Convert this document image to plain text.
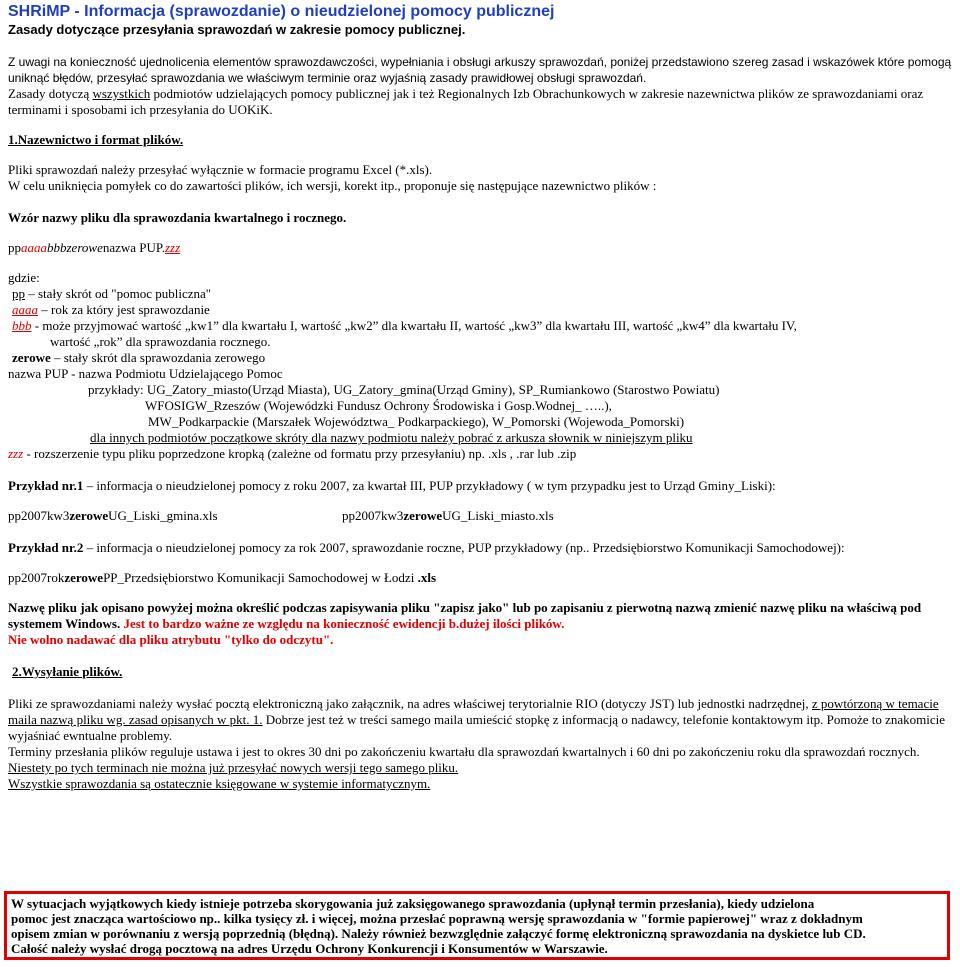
SHRiMP - Informacja (sprawozdanie) o nieudzielonej pomocy publicznej

Zasady dotyczące przesyłania sprawozdań w zakresie pomocy publicznej.

Z uwagi na konieczność ujednolicenia elementów sprawozdawczości, wypełniania i obsługi arkuszy sprawozdań, poniżej przedstawiono szereg zasad i wskazówek które pomogą uniknąć błędów, przesyłać sprawozdania we właściwym terminie oraz wyjaśnią zasady prawidłowej obsługi sprawozdań.

Zasady dotyczą wszystkich podmiotów udzielających pomocy publicznej jak i też Regionalnych Izb Obrachunkowych w zakresie nazewnictwa plików ze sprawozdaniami oraz terminami i sposobami ich przesyłania do UOKiK.

1.Nazewnictwo i format plików.

Pliki sprawozdań należy przesyłać wyłącznie w formacie programu Excel (*.xls).

W celu uniknięcia pomyłek co do zawartości plików, ich wersji, korekt itp., proponuje się następujące nazewnictwo plików :

Wzór nazwy pliku dla sprawozdania kwartalnego i rocznego.

ppaaaabbbzerowenazwa PUP.zzz

gdzie:

pp – stały skrót od "pomoc publiczna"

aaaa – rok za który jest sprawozdanie

bbb - może przyjmować wartość „kw1” dla kwartału I, wartość „kw2” dla kwartału II, wartość „kw3” dla kwartału III, wartość „kw4” dla kwartału IV,

wartość „rok” dla sprawozdania rocznego.

zerowe – stały skrót dla sprawozdania zerowego

nazwa PUP - nazwa Podmiotu Udzielającego Pomoc

przykłady: UG_Zatory_miasto(Urząd Miasta), UG_Zatory_gmina(Urząd Gminy), SP_Rumiankowo (Starostwo Powiatu)

WFOSIGW_Rzeszów (Wojewódzki Fundusz Ochrony Środowiska i Gosp.Wodnej_ …..),

MW_Podkarpackie (Marszałek Województwa_ Podkarpackiego), W_Pomorski (Wojewoda_Pomorski)

dla innych podmiotów początkowe skróty dla nazwy podmiotu należy pobrać z arkusza słownik w niniejszym pliku

zzz - rozszerzenie typu pliku poprzedzone kropką (zależne od formatu przy przesyłaniu) np. .xls , .rar lub .zip

Przykład nr.1 – informacja o nieudzielonej pomocy z roku 2007, za kwartał III, PUP przykładowy ( w tym przypadku jest to Urząd Gminy_Liski):

pp2007kw3zeroweUG_Liski_gmina.xls	pp2007kw3zeroweUG_Liski_miasto.xls

Przykład nr.2 – informacja o nieudzielonej pomocy za rok 2007, sprawozdanie roczne, PUP przykładowy (np.. Przedsiębiorstwo Komunikacji Samochodowej):

pp2007rokzerowePP_Przedsiębiorstwo Komunikacji Samochodowej w Łodzi .xls

Nazwę pliku jak opisano powyżej można określić podczas zapisywania pliku "zapisz jako" lub po zapisaniu z pierwotną nazwą zmienić nazwę pliku na właściwą pod systemem Windows. Jest to bardzo ważne ze względu na konieczność ewidencji b.dużej ilości plików.

Nie wolno nadawać dla pliku atrybutu "tylko do odczytu".

2.Wysyłanie plików.

Pliki ze sprawozdaniami należy wysłać pocztą elektroniczną jako załącznik, na adres właściwej terytorialnie RIO (dotyczy JST) lub jednostki nadrzędnej, z powtórzoną w temacie maila nazwą pliku wg. zasad opisanych w pkt. 1. Dobrze jest też w treści samego maila umieścić stopkę z informacją o nadawcy, telefonie kontaktowym itp. Pomoże to znakomicie wyjaśniać ewntualne problemy.

Terminy przesłania plików reguluje ustawa i jest to okres 30 dni po zakończeniu kwartału dla sprawozdań kwartalnych i 60 dni po zakończeniu roku dla sprawozdań rocznych.

Niestety po tych terminach nie można już przesyłać nowych wersji tego samego pliku.

Wszystkie sprawozdania są ostatecznie księgowane w systemie informatycznym.

W sytuacjach wyjątkowych kiedy istnieje potrzeba skorygowania już zaksięgowanego sprawozdania (upłynął termin przesłania), kiedy udzielona

pomoc jest znacząca wartościowo np.. kilka tysięcy zł. i więcej, można przesłać poprawną wersję sprawozdania w "formie papierowej" wraz z dokładnym

opisem zmian w porównaniu z wersją poprzednią (błędną). Należy również bezwzględnie załączyć formę elektroniczną sprawozdania na dyskietce lub CD.

Całość należy wysłać drogą pocztową na adres Urzędu Ochrony Konkurencji i Konsumentów w Warszawie.
